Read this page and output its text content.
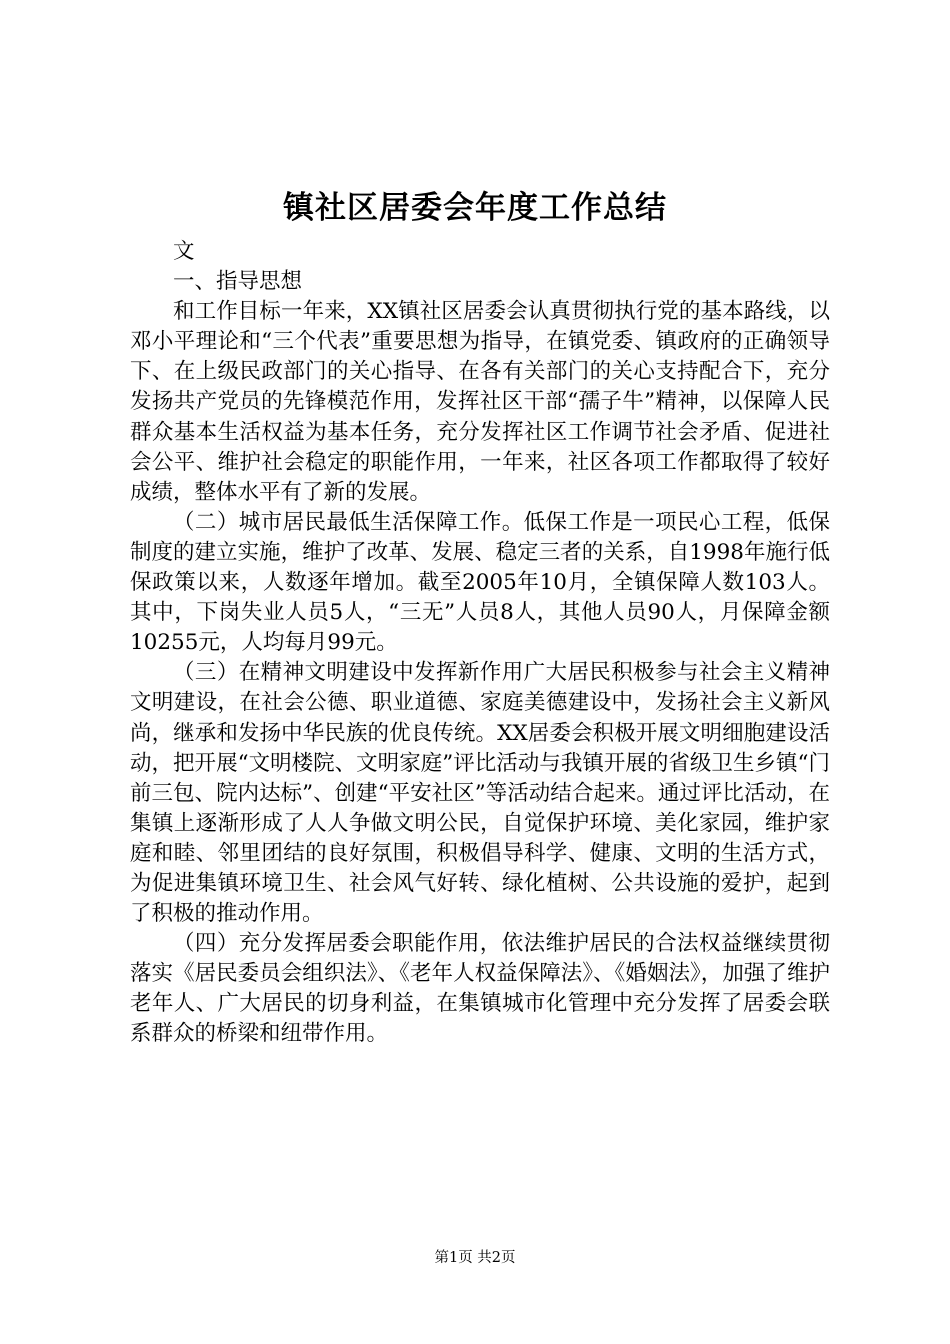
镇社区居委会年度工作总结

文

一、指导思想

和工作目标一年来，XX镇社区居委会认真贯彻执行党的基本路线，以邓小平理论和“三个代表”重要思想为指导，在镇党委、镇政府的正确领导下、在上级民政部门的关心指导、在各有关部门的关心支持配合下，充分发扬共产党员的先锋模范作用，发挥社区干部“孺子牛”精神，以保障人民群众基本生活权益为基本任务，充分发挥社区工作调节社会矛盾、促进社会公平、维护社会稳定的职能作用，一年来，社区各项工作都取得了较好成绩，整体水平有了新的发展。

（二）城市居民最低生活保障工作。低保工作是一项民心工程，低保制度的建立实施，维护了改革、发展、稳定三者的关系，自1998年施行低保政策以来，人数逐年增加。截至2005年10月，全镇保障人数103人。其中，下岗失业人员5人，“三无”人员8人，其他人员90人，月保障金额10255元，人均每月99元。

（三）在精神文明建设中发挥新作用广大居民积极参与社会主义精神文明建设，在社会公德、职业道德、家庭美德建设中，发扬社会主义新风尚，继承和发扬中华民族的优良传统。XX居委会积极开展文明细胞建设活动，把开展“文明楼院、文明家庭”评比活动与我镇开展的省级卫生乡镇“门前三包、院内达标”、创建“平安社区”等活动结合起来。通过评比活动，在集镇上逐渐形成了人人争做文明公民，自觉保护环境、美化家园，维护家庭和睦、邻里团结的良好氛围，积极倡导科学、健康、文明的生活方式，为促进集镇环境卫生、社会风气好转、绿化植树、公共设施的爱护，起到了积极的推动作用。

（四）充分发挥居委会职能作用，依法维护居民的合法权益继续贯彻落实《居民委员会组织法》、《老年人权益保障法》、《婚姻法》，加强了维护老年人、广大居民的切身利益，在集镇城市化管理中充分发挥了居委会联系群众的桥梁和纽带作用。

第1页 共2页
